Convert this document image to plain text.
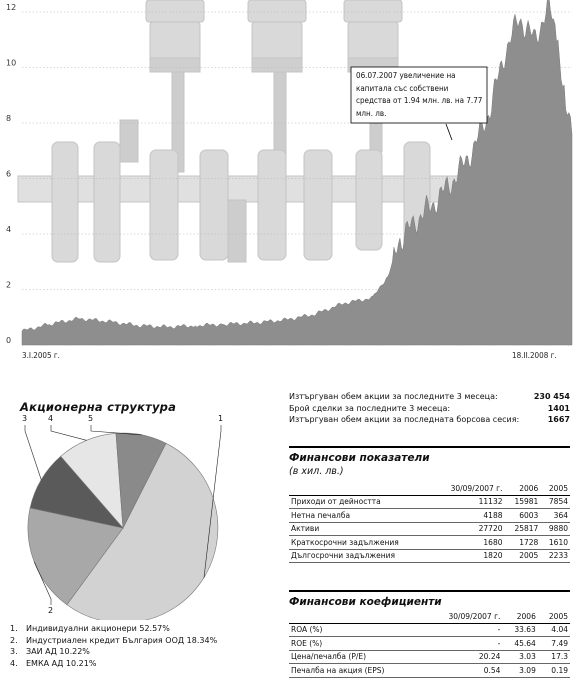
0
2
4
6
8
10
12
06.07.2007 увеличение на капитала със собствени средства от 1.94 млн. лв. на 7.77 млн. лв.
3.I.2005 г.	18.II.2008 г.
Акционерна структура
1
2
3	4	5
1. Индивидуални акционери 52.57%
2. Индустриален кредит България ООД 18.34%
3. ЗАИ АД 10.22%
4. ЕМКА АД 10.21%
Изтъргуван обем акции за последните 3 месеца:	230 454
Брой сделки за последните 3 месеца:	1401
Изтъргуван обем акции за последната борсова сесия:	1667
Финансови показатели
(в хил. лв.)
	30/09/2007 г.	2006	2005
Приходи от дейността	11132	15981	7854
Нетна печалба	4188	6003	364
Активи	27720	25817	9880
Краткосрочни задължения	1680	1728	1610
Дългосрочни задължения	1820	2005	2233
Финансови коефициенти
	30/09/2007 г.	2006	2005
ROA (%)	-	33.63	4.04
ROE (%)	-	45.64	7.49
Цена/печалба (P/E)	20.24	3.03	17.3
Печалба на акция (EPS)	0.54	3.09	0.19
